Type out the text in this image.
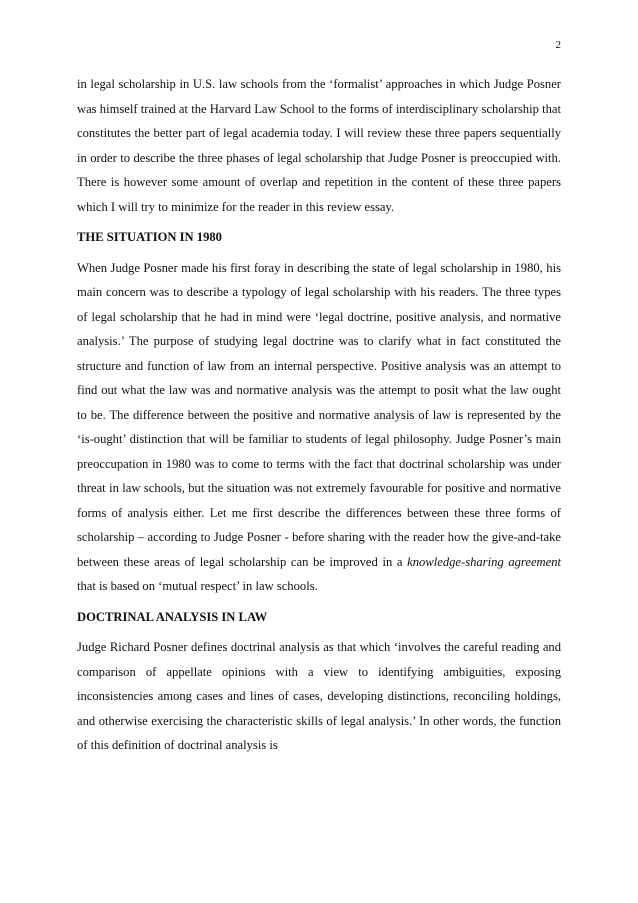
2

in legal scholarship in U.S. law schools from the ‘formalist’ approaches in which Judge Posner was himself trained at the Harvard Law School to the forms of interdisciplinary scholarship that constitutes the better part of legal academia today. I will review these three papers sequentially in order to describe the three phases of legal scholarship that Judge Posner is preoccupied with. There is however some amount of overlap and repetition in the content of these three papers which I will try to minimize for the reader in this review essay.

THE SITUATION IN 1980

When Judge Posner made his first foray in describing the state of legal scholarship in 1980, his main concern was to describe a typology of legal scholarship with his readers. The three types of legal scholarship that he had in mind were ‘legal doctrine, positive analysis, and normative analysis.’ The purpose of studying legal doctrine was to clarify what in fact constituted the structure and function of law from an internal perspective. Positive analysis was an attempt to find out what the law was and normative analysis was the attempt to posit what the law ought to be. The difference between the positive and normative analysis of law is represented by the ‘is-ought’ distinction that will be familiar to students of legal philosophy. Judge Posner’s main preoccupation in 1980 was to come to terms with the fact that doctrinal scholarship was under threat in law schools, but the situation was not extremely favourable for positive and normative forms of analysis either. Let me first describe the differences between these three forms of scholarship – according to Judge Posner - before sharing with the reader how the give-and-take between these areas of legal scholarship can be improved in a knowledge-sharing agreement that is based on ‘mutual respect’ in law schools.

DOCTRINAL ANALYSIS IN LAW

Judge Richard Posner defines doctrinal analysis as that which ‘involves the careful reading and comparison of appellate opinions with a view to identifying ambiguities, exposing inconsistencies among cases and lines of cases, developing distinctions, reconciling holdings, and otherwise exercising the characteristic skills of legal analysis.’ In other words, the function of this definition of doctrinal analysis is
